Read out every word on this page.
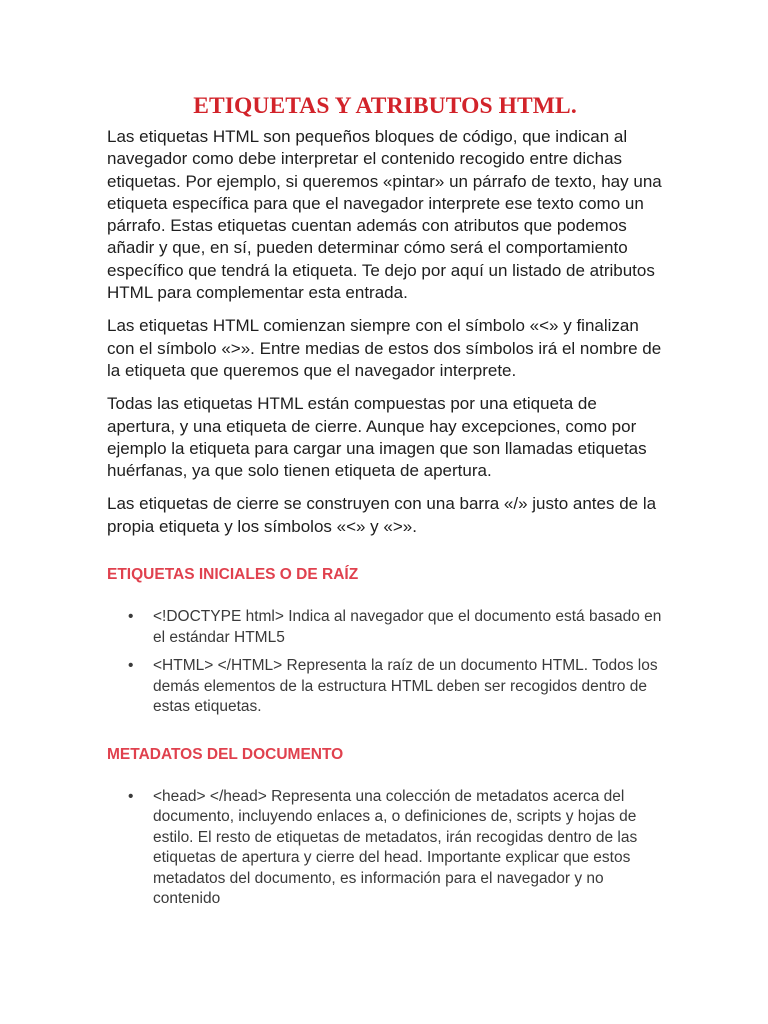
ETIQUETAS Y ATRIBUTOS HTML.

Las etiquetas HTML son pequeños bloques de código, que indican al navegador como debe interpretar el contenido recogido entre dichas etiquetas. Por ejemplo, si queremos «pintar» un párrafo de texto, hay una etiqueta específica para que el navegador interprete ese texto como un párrafo. Estas etiquetas cuentan además con atributos que podemos añadir y que, en sí, pueden determinar cómo será el comportamiento específico que tendrá la etiqueta. Te dejo por aquí un listado de atributos HTML para complementar esta entrada.

Las etiquetas HTML comienzan siempre con el símbolo «<» y finalizan con el símbolo «>». Entre medias de estos dos símbolos irá el nombre de la etiqueta que queremos que el navegador interprete.

Todas las etiquetas HTML están compuestas por una etiqueta de apertura, y una etiqueta de cierre. Aunque hay excepciones, como por ejemplo la etiqueta para cargar una imagen que son llamadas etiquetas huérfanas, ya que solo tienen etiqueta de apertura.

Las etiquetas de cierre se construyen con una barra «/» justo antes de la propia etiqueta y los símbolos «<» y «>».

ETIQUETAS INICIALES O DE RAÍZ
• <!DOCTYPE html> Indica al navegador que el documento está basado en el estándar HTML5
• <HTML> </HTML> Representa la raíz de un documento HTML. Todos los demás elementos de la estructura HTML deben ser recogidos dentro de estas etiquetas.
METADATOS DEL DOCUMENTO
• <head> </head> Representa una colección de metadatos acerca del documento, incluyendo enlaces a, o definiciones de, scripts y hojas de estilo. El resto de etiquetas de metadatos, irán recogidas dentro de las etiquetas de apertura y cierre del head. Importante explicar que estos metadatos del documento, es información para el navegador y no contenido
